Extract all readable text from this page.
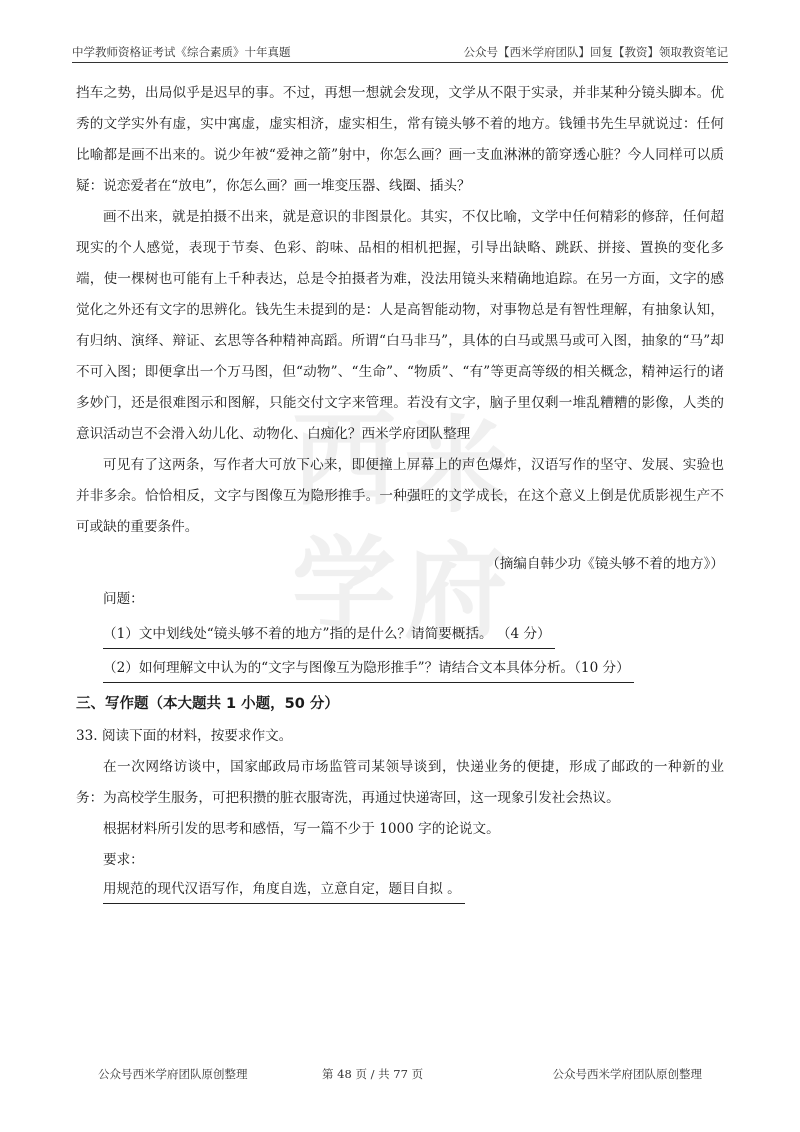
中学教师资格证考试《综合素质》十年真题	公众号【西米学府团队】回复【教资】领取教资笔记
西 米
学 府

挡车之势，出局似乎是迟早的事。不过，再想一想就会发现，文学从不限于实录，并非某种分镜头脚本。优秀的文学实外有虚，实中寓虚，虚实相济，虚实相生，常有镜头够不着的地方。钱锺书先生早就说过：任何比喻都是画不出来的。说少年被“爱神之箭”射中，你怎么画？画一支血淋淋的箭穿透心脏？今人同样可以质疑：说恋爱者在“放电”，你怎么画？画一堆变压器、线圈、插头？

画不出来，就是拍摄不出来，就是意识的非图景化。其实，不仅比喻，文学中任何精彩的修辞，任何超现实的个人感觉，表现于节奏、色彩、韵味、品相的相机把握，引导出缺略、跳跃、拼接、置换的变化多端，使一棵树也可能有上千种表达，总是令拍摄者为难，没法用镜头来精确地追踪。在另一方面，文字的感觉化之外还有文字的思辨化。钱先生未提到的是：人是高智能动物，对事物总是有智性理解，有抽象认知，有归纳、演绎、辩证、玄思等各种精神高蹈。所谓“白马非马”，具体的白马或黑马或可入图，抽象的“马”却不可入图；即便拿出一个万马图，但“动物”、“生命”、“物质”、“有”等更高等级的相关概念，精神运行的诸多妙门，还是很难图示和图解，只能交付文字来管理。若没有文字，脑子里仅剩一堆乱糟糟的影像，人类的意识活动岂不会滑入幼儿化、动物化、白痴化？西米学府团队整理

可见有了这两条，写作者大可放下心来，即便撞上屏幕上的声色爆炸，汉语写作的坚守、发展、实验也并非多余。恰恰相反，文字与图像互为隐形推手。一种强旺的文学成长，在这个意义上倒是优质影视生产不可或缺的重要条件。

（摘编自韩少功《镜头够不着的地方》）

问题：

（1）文中划线处“镜头够不着的地方”指的是什么？请简要概括。 （4 分）
（2）如何理解文中认为的“文字与图像互为隐形推手”？请结合文本具体分析。（10 分）

三、写作题（本大题共 1 小题，50 分）

33. 阅读下面的材料，按要求作文。

在一次网络访谈中，国家邮政局市场监管司某领导谈到，快递业务的便捷，形成了邮政的一种新的业务：为高校学生服务，可把积攒的脏衣服寄洗，再通过快递寄回，这一现象引发社会热议。

根据材料所引发的思考和感悟，写一篇不少于 1000 字的论说文。

要求：

用规范的现代汉语写作，角度自选，立意自定，题目自拟 。
公众号西米学府团队原创整理	第 48 页 / 共 77 页	公众号西米学府团队原创整理
